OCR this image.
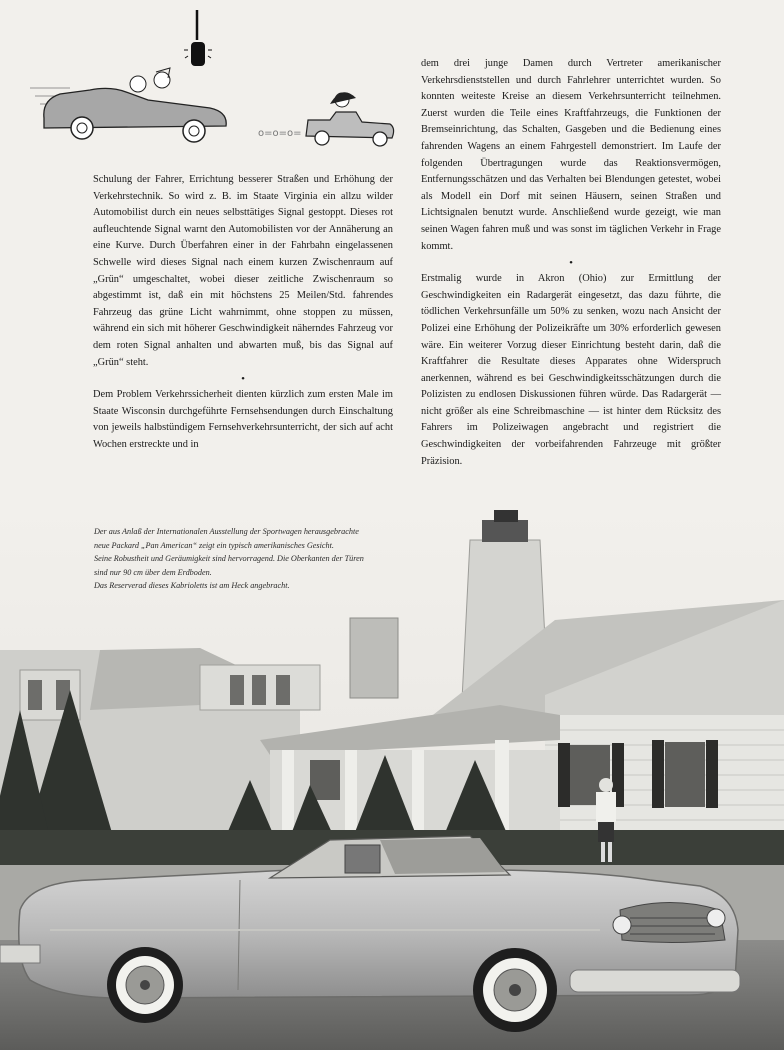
o=o=o=

Schulung der Fahrer, Errichtung besserer Straßen und Erhöhung der Verkehrstechnik. So wird z. B. im Staate Virginia ein allzu wilder Automobilist durch ein neues selbsttätiges Signal gestoppt. Dieses rot aufleuchtende Signal warnt den Automobilisten vor der Annäherung an eine Kurve. Durch Überfahren einer in der Fahrbahn eingelassenen Schwelle wird dieses Signal nach einem kurzen Zwischenraum auf „Grün“ umgeschaltet, wobei dieser zeitliche Zwischenraum so abgestimmt ist, daß ein mit höchstens 25 Meilen/Std. fahrendes Fahrzeug das grüne Licht wahrnimmt, ohne stoppen zu müssen, während ein sich mit höherer Geschwindigkeit näherndes Fahrzeug vor dem roten Signal anhalten und abwarten muß, bis das Signal auf „Grün“ steht.

•

Dem Problem Verkehrssicherheit dienten kürzlich zum ersten Male im Staate Wisconsin durchgeführte Fernsehsendungen durch Einschaltung von jeweils halbstündigem Fernsehverkehrsunterricht, der sich auf acht Wochen erstreckte und in

dem drei junge Damen durch Vertreter amerikanischer Verkehrsdienststellen und durch Fahrlehrer unterrichtet wurden. So konnten weiteste Kreise an diesem Verkehrsunterricht teilnehmen. Zuerst wurden die Teile eines Kraftfahrzeugs, die Funktionen der Bremseinrichtung, das Schalten, Gasgeben und die Bedienung eines fahrenden Wagens an einem Fahrgestell demonstriert. Im Laufe der folgenden Übertragungen wurde das Reaktionsvermögen, Entfernungsschätzen und das Verhalten bei Blendungen getestet, wobei als Modell ein Dorf mit seinen Häusern, seinen Straßen und Lichtsignalen benutzt wurde. Anschließend wurde gezeigt, wie man seinen Wagen fahren muß und was sonst im täglichen Verkehr in Frage kommt.

•

Erstmalig wurde in Akron (Ohio) zur Ermittlung der Geschwindigkeiten ein Radargerät eingesetzt, das dazu führte, die tödlichen Verkehrsunfälle um 50% zu senken, wozu nach Ansicht der Polizei eine Erhöhung der Polizeikräfte um 30% erforderlich gewesen wäre. Ein weiterer Vorzug dieser Einrichtung besteht darin, daß die Kraftfahrer die Resultate dieses Apparates ohne Widerspruch anerkennen, während es bei Geschwindigkeitsschätzungen durch die Polizisten zu endlosen Diskussionen führen würde. Das Radargerät — nicht größer als eine Schreibmaschine — ist hinter dem Rücksitz des Fahrers im Polizeiwagen angebracht und registriert die Geschwindigkeiten der vorbeifahrenden Fahrzeuge mit größter Präzision.

Der aus Anlaß der Internationalen Ausstellung der Sportwagen herausgebrachte

neue Packard „Pan American“ zeigt ein typisch amerikanisches Gesicht.

Seine Robustheit und Geräumigkeit sind hervorragend. Die Oberkanten der Türen

sind nur 90 cm über dem Erdboden.

Das Reserverad dieses Kabrioletts ist am Heck angebracht.
